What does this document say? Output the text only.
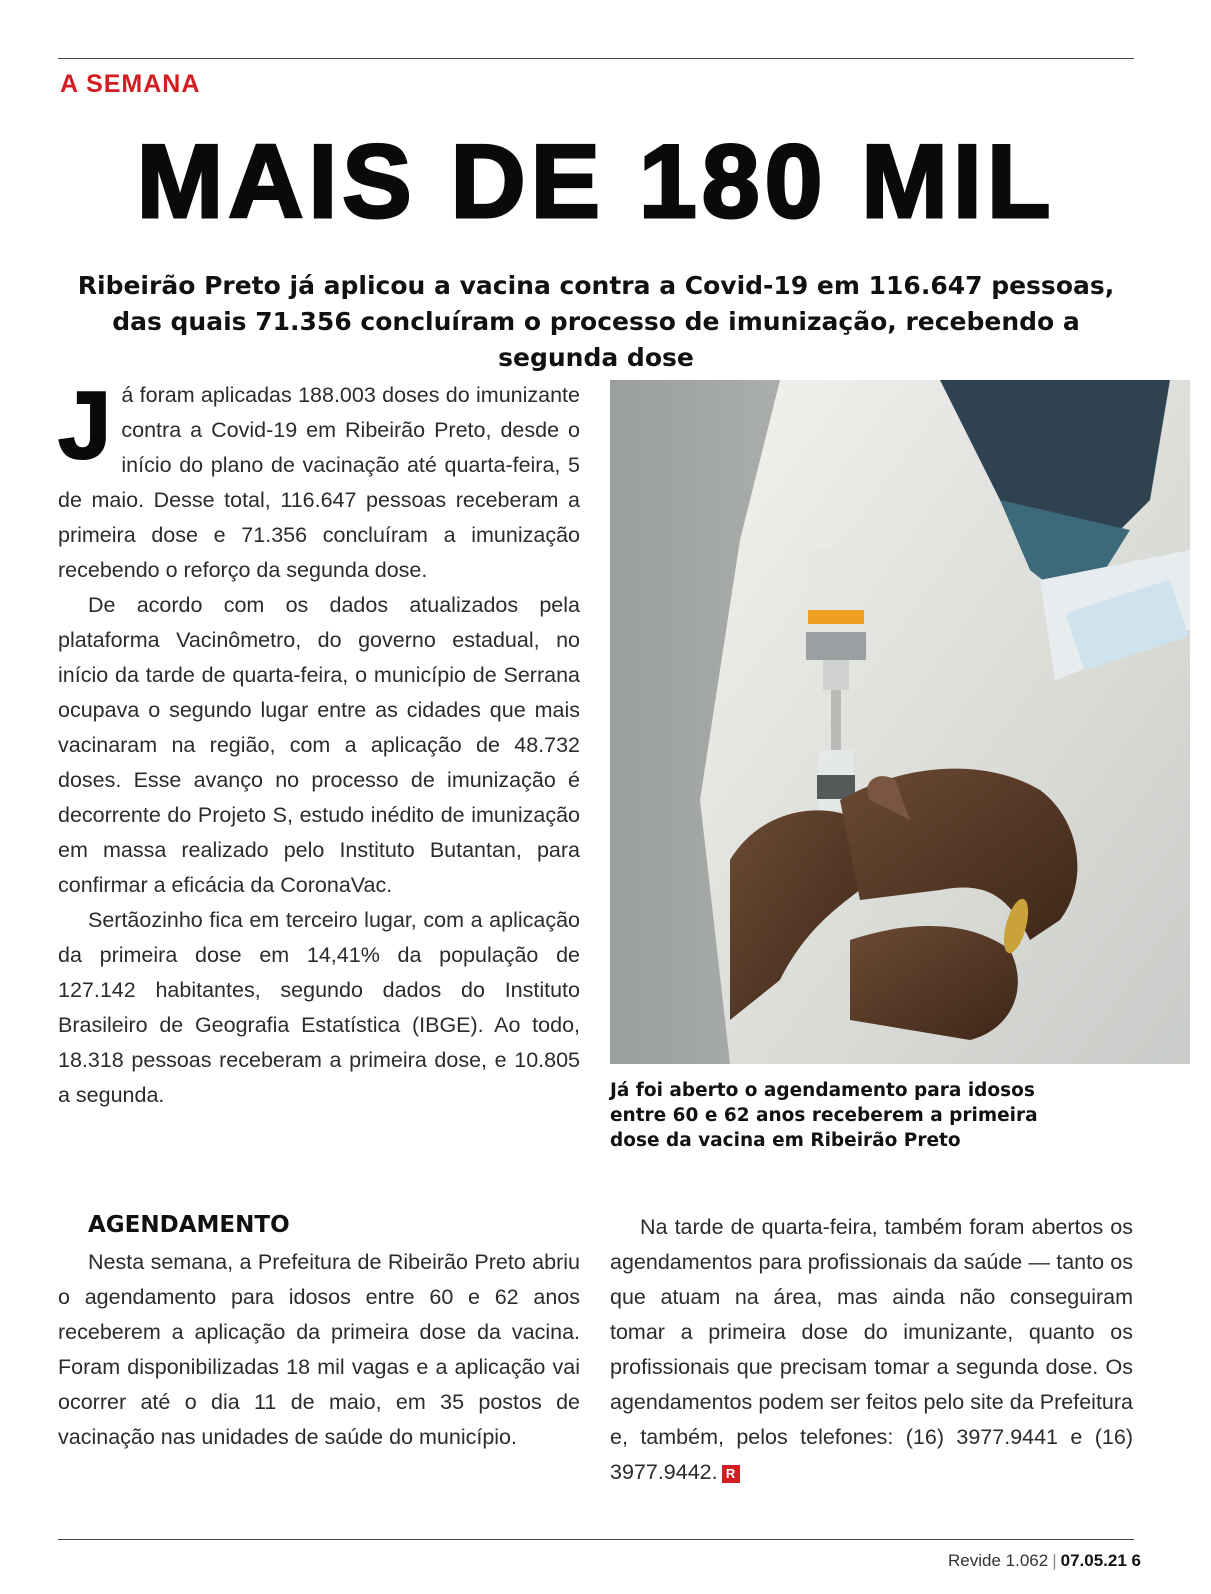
A SEMANA
MAIS DE 180 MIL
Ribeirão Preto já aplicou a vacina contra a Covid-19 em 116.647 pessoas, das quais 71.356 concluíram o processo de imunização, recebendo a segunda dose

Já foram aplicadas 188.003 doses do imunizante contra a Covid-19 em Ribeirão Preto, desde o início do plano de vacinação até quarta-feira, 5 de maio. Desse total, 116.647 pessoas receberam a primeira dose e 71.356 concluíram a imunização recebendo o reforço da segunda dose.

De acordo com os dados atualizados pela plataforma Vacinômetro, do governo estadual, no início da tarde de quarta-feira, o município de Serrana ocupava o segundo lugar entre as cidades que mais vacinaram na região, com a aplicação de 48.732 doses. Esse avanço no processo de imunização é decorrente do Projeto S, estudo inédito de imunização em massa realizado pelo Instituto Butantan, para confirmar a eficácia da CoronaVac.

Sertãozinho fica em terceiro lugar, com a aplicação da primeira dose em 14,41% da população de 127.142 habitantes, segundo dados do Instituto Brasileiro de Geografia Estatística (IBGE). Ao todo, 18.318 pessoas receberam a primeira dose, e 10.805 a segunda.	Já foi aberto o agendamento para idosos entre 60 e 62 anos receberem a primeira dose da vacina em Ribeirão Preto
AGENDAMENTO

Nesta semana, a Prefeitura de Ribeirão Preto abriu o agendamento para idosos entre 60 e 62 anos receberem a aplicação da primeira dose da vacina. Foram disponibilizadas 18 mil vagas e a aplicação vai ocorrer até o dia 11 de maio, em 35 postos de vacinação nas unidades de saúde do município.

Na tarde de quarta-feira, também foram abertos os agendamentos para profissionais da saúde — tanto os que atuam na área, mas ainda não conseguiram tomar a primeira dose do imunizante, quanto os profissionais que precisam tomar a segunda dose. Os agendamentos podem ser feitos pelo site da Prefeitura e, também, pelos telefones: (16) 3977.9441 e (16) 3977.9442. R

Revide 1.062 | 07.05.21 6
